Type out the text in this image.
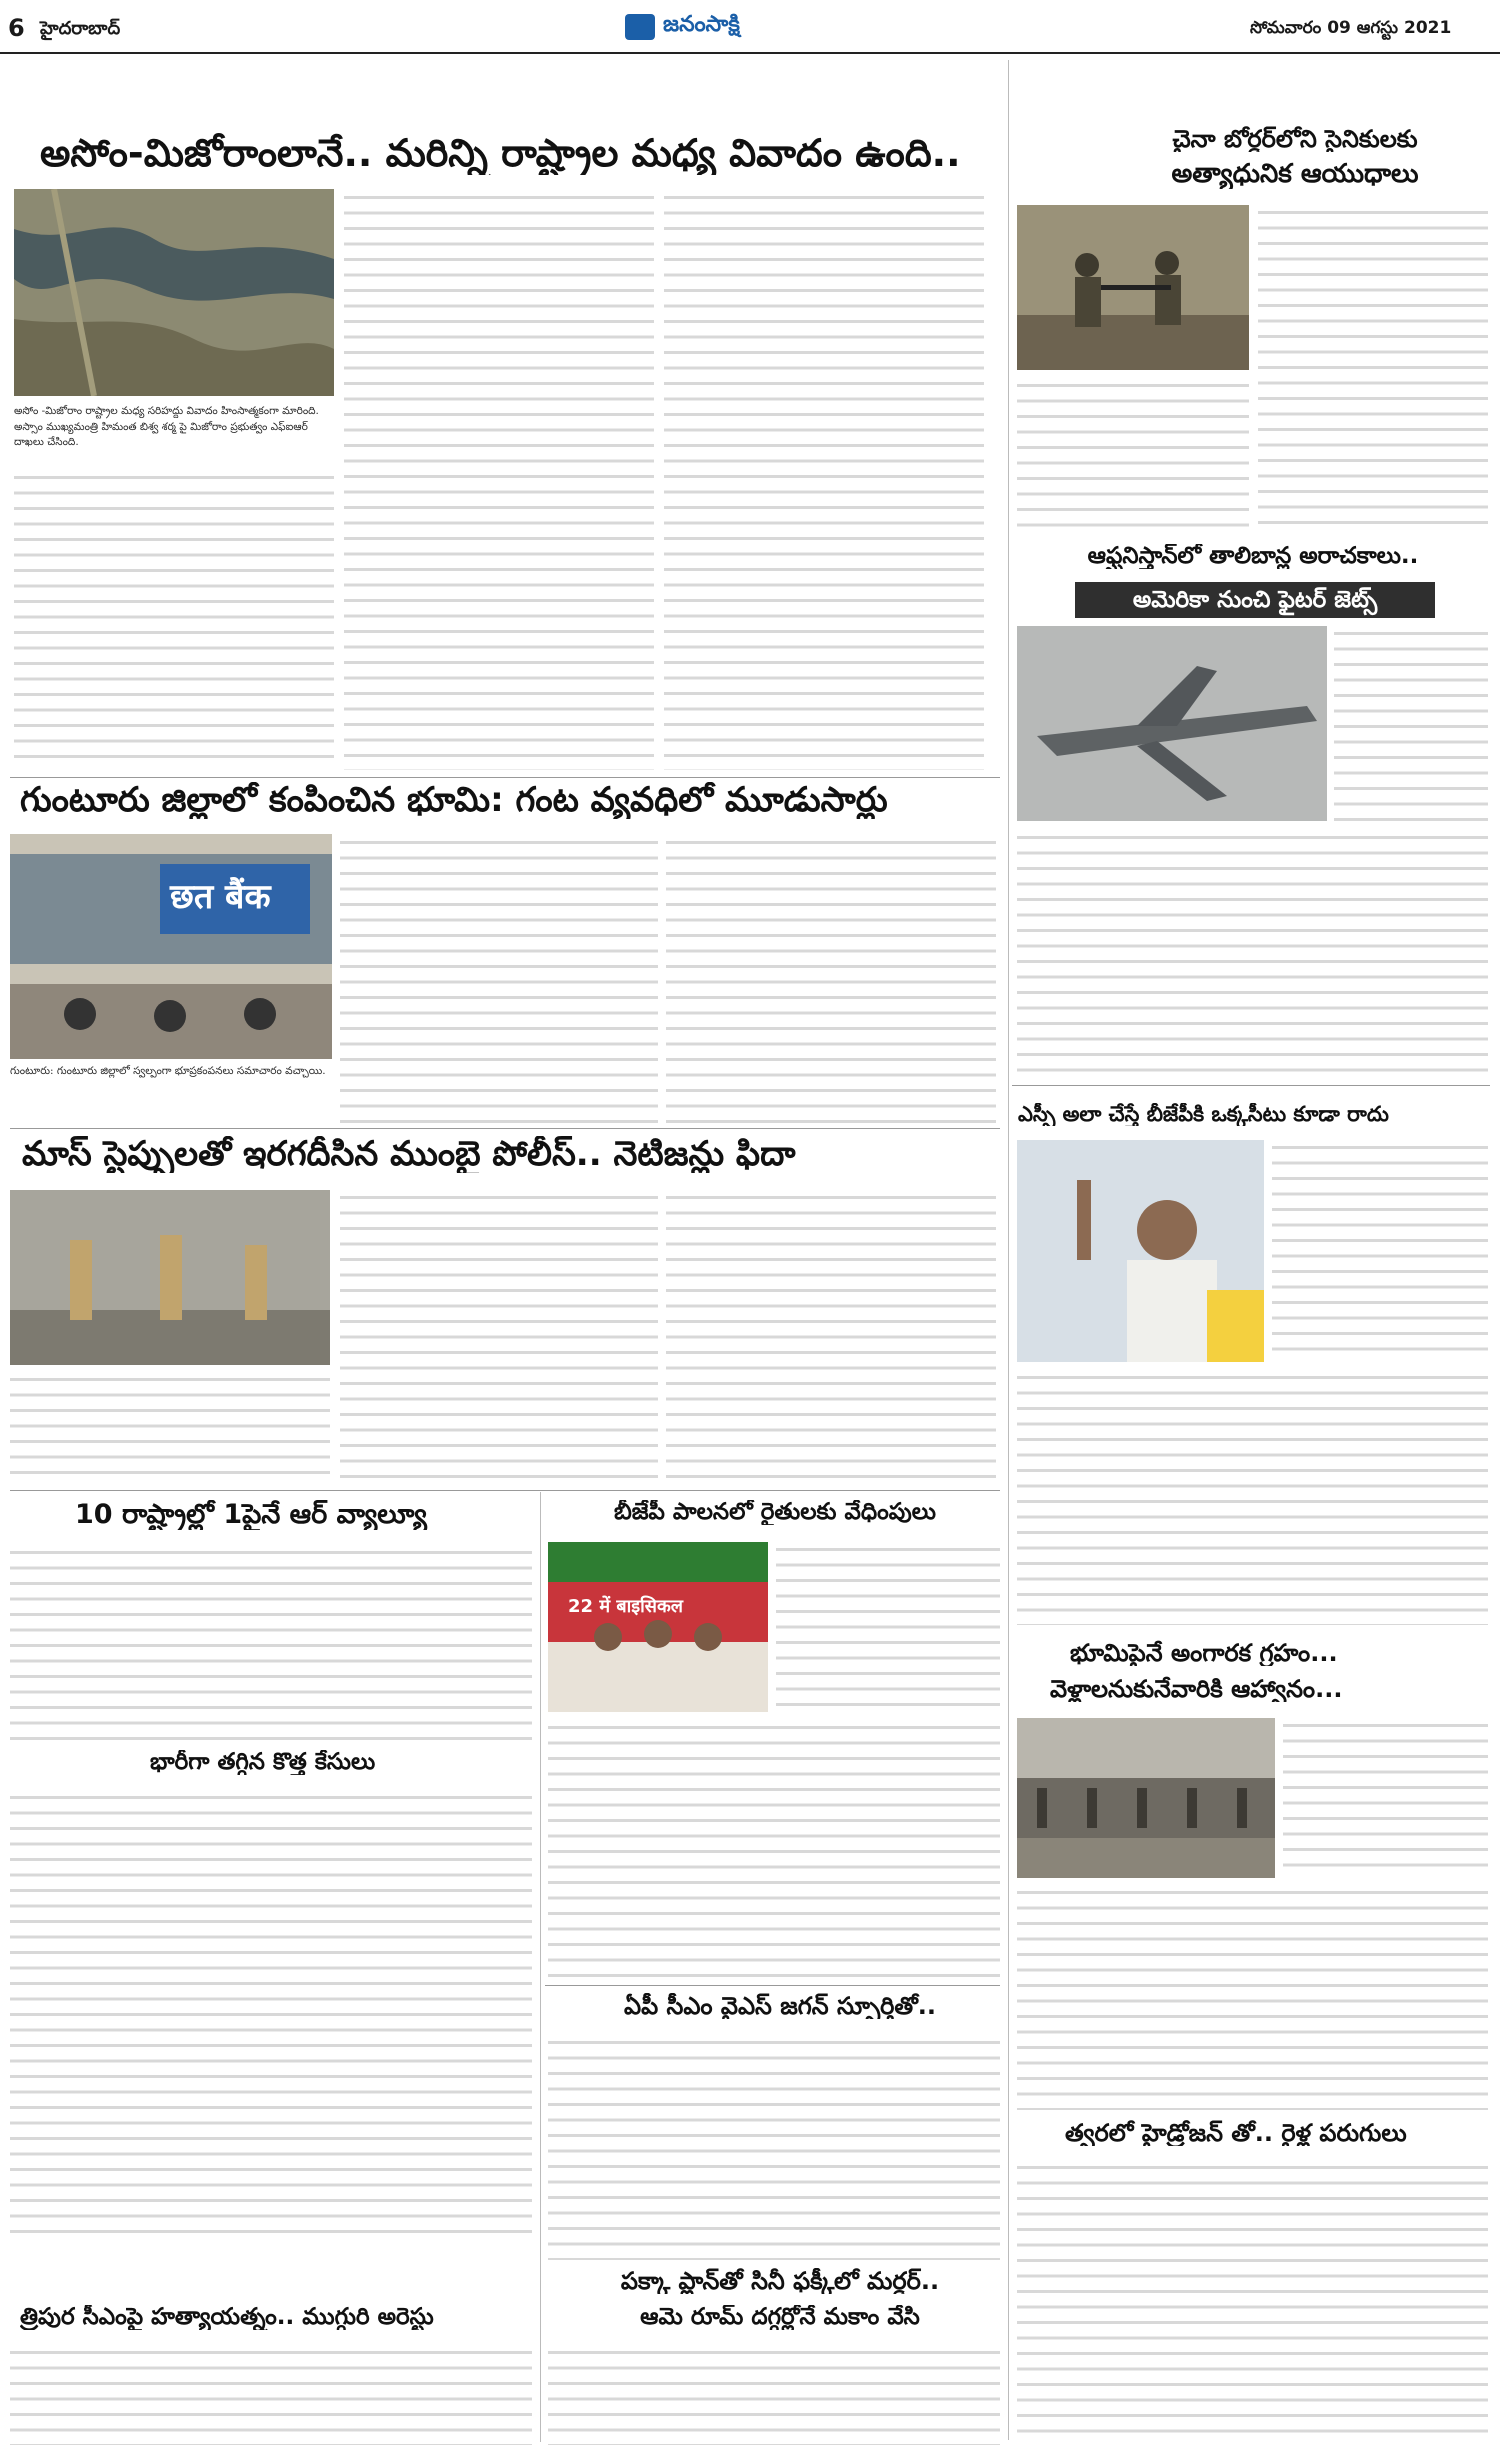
6 హైదరాబాద్	జనంసాక్షి	సోమవారం 09 ఆగస్టు 2021
అసోం-మిజోరాంలానే.. మరిన్ని రాష్ట్రాల మధ్య వివాదం ఉంది..
అసోం -మిజోరాం రాష్ట్రాల మధ్య సరిహద్దు వివాదం హింసాత్మకంగా మారింది. అస్సాం ముఖ్యమంత్రి హిమంత బిశ్వ శర్మ పై మిజోరాం ప్రభుత్వం ఎఫ్ఐఆర్ దాఖలు చేసింది.
చైనా బోర్డర్‌లోని సైనికులకు
అత్యాధునిక ఆయుధాలు
ఆఫ్ఘనిస్తాన్‌లో తాలిబాన్ల అరాచకాలు..
అమెరికా నుంచి ఫైటర్ జెట్స్
గుంటూరు జిల్లాలో కంపించిన భూమి: గంట వ్యవధిలో మూడుసార్లు
छत बैंक
గుంటూరు: గుంటూరు జిల్లాలో స్వల్పంగా భూప్రకంపనలు సమాచారం వచ్చాయి.
మాస్ స్టెప్పులతో ఇరగదీసిన ముంబై పోలీస్.. నెటిజన్లు ఫిదా
ఎస్పీ అలా చేస్తే బీజేపీకి ఒక్కసీటు కూడా రాదు
10 రాష్ట్రాల్లో 1పైనే ఆర్ వ్యాల్యూ
భారీగా తగ్గిన కొత్త కేసులు
బీజేపీ పాలనలో రైతులకు వేధింపులు
22 में बाइसिकल
భూమిపైనే అంగారక గ్రహం...
వెళ్లాలనుకునేవారికి ఆహ్వానం...
ఏపీ సీఎం వైఎస్ జగన్ స్ఫూర్తితో..
త్వరలో హైడ్రోజన్ తో.. రైళ్ల పరుగులు
త్రిపుర సీఎంపై హత్యాయత్నం.. ముగ్గురి అరెస్టు
పక్కా ప్లాన్‌తో సినీ ఫక్కీలో మర్డర్..
ఆమె రూమ్ దగ్గర్లోనే మకాం వేసి
